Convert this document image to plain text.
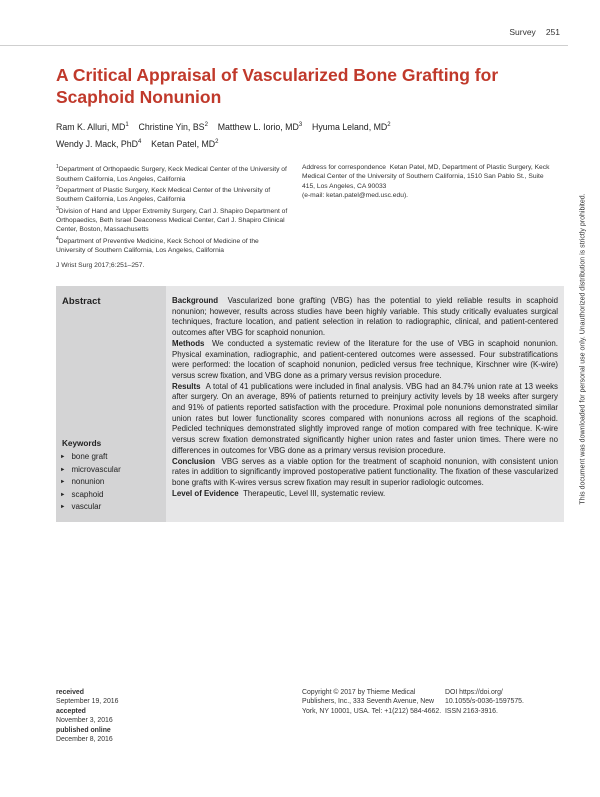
Survey 251
A Critical Appraisal of Vascularized Bone Grafting for Scaphoid Nonunion
Ram K. Alluri, $MD^1$ Christine Yin, $BS^2$ Matthew L. Iorio, $MD^3$ Hyuma Leland, $MD^2$
Wendy J. Mack, PhD$^4$ Ketan Patel, $MD^2$
$^1$Department of Orthopaedic Surgery, Keck Medical Center of the University of Southern California, Los Angeles, California
$^2$Department of Plastic Surgery, Keck Medical Center of the University of Southern California, Los Angeles, California
$^3$Division of Hand and Upper Extremity Surgery, Carl J. Shapiro Department of Orthopaedics, Beth Israel Deaconess Medical Center, Carl J. Shapiro Clinical Center, Boston, Massachusetts
$^4$Department of Preventive Medicine, Keck School of Medicine of the University of Southern California, Los Angeles, California
J Wrist Surg 2017;6:251–257.
Address for correspondence Ketan Patel, MD, Department of Plastic Surgery, Keck Medical Center of the University of Southern California, 1510 San Pablo St., Suite 415, Los Angeles, CA 90033
(e-mail: ketan.patel@med.usc.edu).
Abstract	Background Vascularized bone grafting (VBG) has the potential to yield reliable results in scaphoid nonunion; however, results across studies have been highly variable. This study critically evaluates surgical techniques, fracture location, and patient selection in relation to radiographic, clinical, and patient-centered outcomes after VBG for scaphoid nonunion.

Methods We conducted a systematic review of the literature for the use of VBG in scaphoid nonunion. Physical examination, radiographic, and patient-centered outcomes were assessed. Four substratifications were performed: the location of scaphoid nonunion, pedicled versus free technique, Kirschner wire (K-wire) versus screw fixation, and VBG done as a primary versus revision procedure.

Results A total of 41 publications were included in final analysis. VBG had an 84.7% union rate at 13 weeks after surgery. On an average, 89% of patients returned to preinjury activity levels by 18 weeks after surgery and 91% of patients reported satisfaction with the procedure. Proximal pole nonunions demonstrated similar union rates but lower functionality scores compared with nonunions across all regions of the scaphoid. Pedicled techniques demonstrated slightly improved range of motion compared with free technique. K-wire versus screw fixation demonstrated significantly higher union rates and faster union times. There were no differences in outcomes for VBG done as a primary versus revision procedure.

Conclusion VBG serves as a viable option for the treatment of scaphoid nonunion, with consistent union rates in addition to significantly improved postoperative patient functionality. The fixation of these vascularized bone grafts with K-wires versus screw fixation may result in superior radiologic outcomes.

Level of Evidence Therapeutic, Level III, systematic review.

Keywords
► bone graft
► microvascular
► nonunion
► scaphoid
► vascular
received
September 19, 2016
accepted
November 3, 2016
published online
December 8, 2016
Copyright © 2017 by Thieme Medical Publishers, Inc., 333 Seventh Avenue, New York, NY 10001, USA. Tel: +1(212) 584-4662.
DOI https://doi.org/
10.1055/s-0036-1597575.
ISSN 2163-3916.
This document was downloaded for personal use only. Unauthorized distribution is strictly prohibited.
